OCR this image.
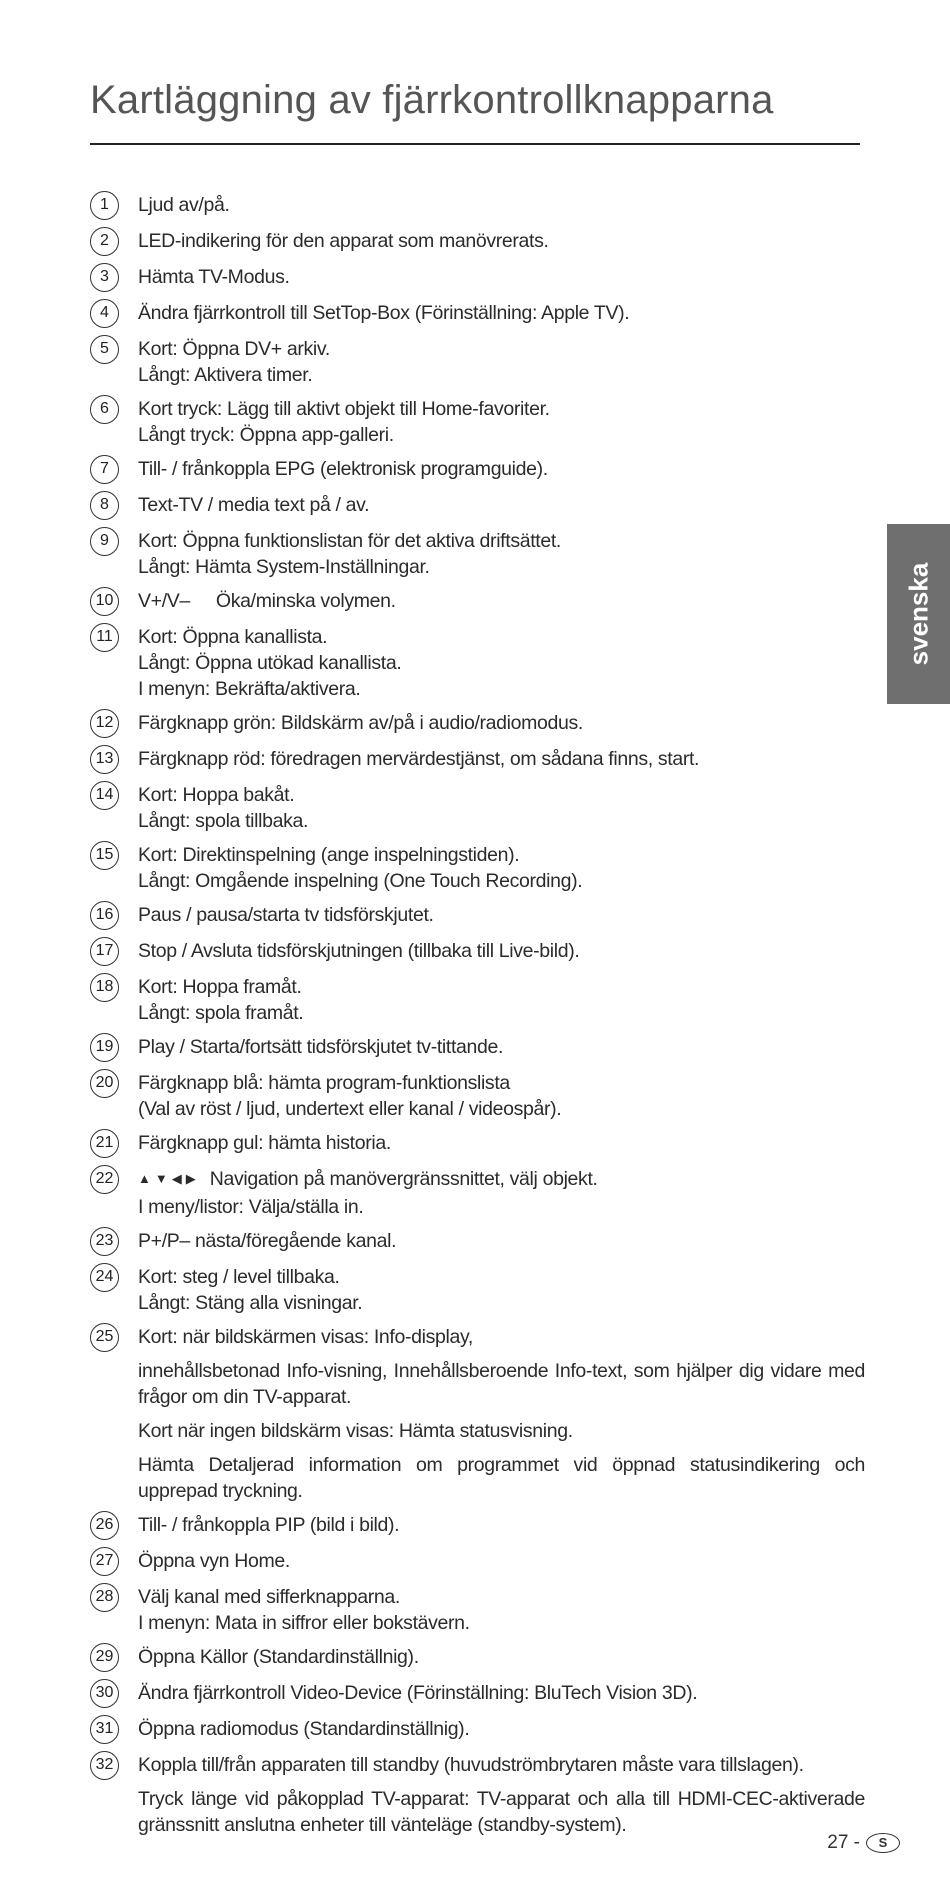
Kartläggning av fjärrkontrollknapparna
1	Ljud av/på.
2	LED-indikering för den apparat som manövrerats.
3	Hämta TV-Modus.
4	Ändra fjärrkontroll till SetTop-Box (Förinställning: Apple TV).
5	Kort: Öppna DV+ arkiv.
Långt: Aktivera timer.
6	Kort tryck: Lägg till aktivt objekt till Home-favoriter.
Långt tryck: Öppna app-galleri.
7	Till- / frånkoppla EPG (elektronisk programguide).
8	Text-TV / media text på / av.
9	Kort: Öppna funktionslistan för det aktiva driftsättet.
Långt: Hämta System-Inställningar.
10 V+/V– Öka/minska volymen.
11	Kort: Öppna kanallista.
Långt: Öppna utökad kanallista.
I menyn: Bekräfta/aktivera.
12 Färgknapp grön: Bildskärm av/på i audio/radiomodus.
13 Färgknapp röd: föredragen mervärdestjänst, om sådana finns, start.
14 Kort: Hoppa bakåt.
Långt: spola tillbaka.
15 Kort: Direktinspelning (ange inspelningstiden).
Långt: Omgående inspelning (One Touch Recording).
16 Paus / pausa/starta tv tidsförskjutet.
17 Stop / Avsluta tidsförskjutningen (tillbaka till Live-bild).
18 Kort: Hoppa framåt.
Långt: spola framåt.
19 Play / Starta/fortsätt tidsförskjutet tv-tittande.
20 Färgknapp blå: hämta program-funktionslista
(Val av röst / ljud, undertext eller kanal / videospår).
21 Färgknapp gul: hämta historia.
22	▲▼◀▶ Navigation på manövergränssnittet, välj objekt.
I meny/listor: Välja/ställa in.
23 P+/P– nästa/föregående kanal.
24 Kort: steg / level tillbaka.
Långt: Stäng alla visningar.
25 Kort: när bildskärmen visas: Info-display,
innehållsbetonad Info-visning, Innehållsberoende Info-text, som hjälper dig vidare med frågor om din TV-apparat.
Kort när ingen bildskärm visas: Hämta statusvisning.
Hämta Detaljerad information om programmet vid öppnad statusindikering och upprepad tryckning.
26 Till- / frånkoppla PIP (bild i bild).
27 Öppna vyn Home.
28 Välj kanal med sifferknapparna.
I menyn: Mata in siffror eller bokstävern.
29 Öppna Källor (Standardinställnig).
30 Ändra fjärrkontroll Video-Device (Förinställning: BluTech Vision 3D).
31 Öppna radiomodus (Standardinställnig).
32 Koppla till/från apparaten till standby (huvudströmbrytaren måste vara tillslagen).
Tryck länge vid påkopplad TV-apparat: TV-apparat och alla till HDMI-CEC-aktiverade gränssnitt anslutna enheter till vänteläge (standby-system).
svenska
27 -	S
